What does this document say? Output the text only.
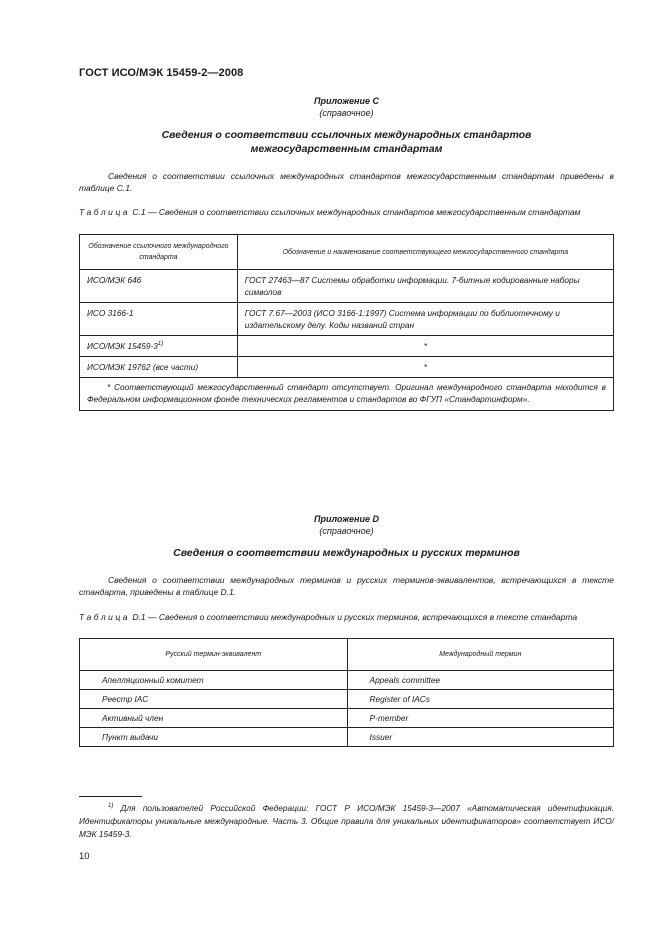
ГОСТ ИСО/МЭК 15459-2—2008
Приложение С
(справочное)
Сведения о соответствии ссылочных международных стандартов
межгосударственным стандартам
Сведения о соответствии ссылочных международных стандартов межгосударственным стандартам приведены в таблице С.1.
Таблица С.1 — Сведения о соответствии ссылочных международных стандартов межгосударственным стандартам
Обозначение ссылочного международного стандарта	Обозначение и наименование соответствующего межгосударственного стандарта
ИСО/МЭК 646	ГОСТ 27463—87 Системы обработки информации. 7-битные кодированные наборы символов
ИСО 3166-1	ГОСТ 7.67—2003 (ИСО 3166-1:1997) Система информации по библиотечному и издательскому делу. Коды названий стран
ИСО/МЭК 15459-3$^{1)}$	*
ИСО/МЭК 19762 (все части)	*
* Соответствующий межгосударственный стандарт отсутствует. Оригинал международного стандарта находится в Федеральном информационном фонде технических регламентов и стандартов во ФГУП «Стандартинформ».	
Приложение D
(справочное)
Сведения о соответствии международных и русских терминов
Сведения о соответствии международных терминов и русских терминов-эквивалентов, встречающихся в тексте стандарта, приведены в таблице D.1.
Таблица D.1 — Сведения о соответствии международных и русских терминов, встречающихся в тексте стандарта
Русский термин-эквивалент	Международный термин
Апелляционный комитет	Appeals committee
Реестр IAC	Register of IACs
Активный член	P-member
Пункт выдачи	Issuer
$^{1)}$ Для пользователей Российской Федерации: ГОСТ Р ИСО/МЭК 15459-3—2007 «Автоматическая идентификация. Идентификаторы уникальные международные. Часть 3. Общие правила для уникальных идентификаторов» соответствует ИСО/МЭК 15459-3.
10
